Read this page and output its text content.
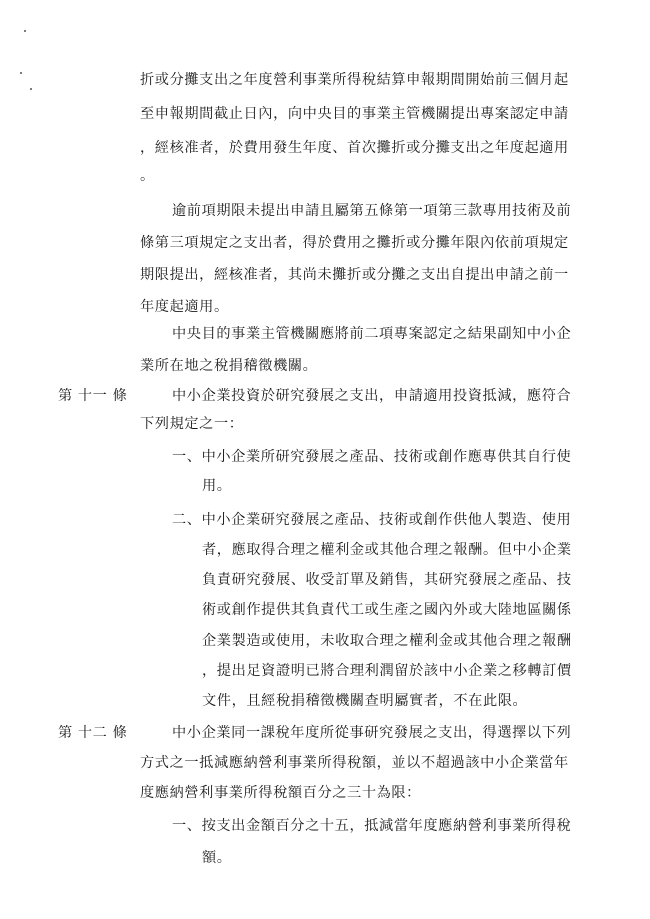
折或分攤支出之年度營利事業所得稅結算申報期間開始前三個月起
至申報期間截止日內，向中央目的事業主管機關提出專案認定申請
，經核准者，於費用發生年度、首次攤折或分攤支出之年度起適用
。
逾前項期限未提出申請且屬第五條第一項第三款專用技術及前
條第三項規定之支出者，得於費用之攤折或分攤年限內依前項規定
期限提出，經核准者，其尚未攤折或分攤之支出自提出申請之前一
年度起適用。
中央目的事業主管機關應將前二項專案認定之結果副知中小企
業所在地之稅捐稽徵機關。
第 十一 條	中小企業投資於研究發展之支出，申請適用投資抵減，應符合
下列規定之一：
一、中小企業所研究發展之產品、技術或創作應專供其自行使
用。
二、中小企業研究發展之產品、技術或創作供他人製造、使用
者，應取得合理之權利金或其他合理之報酬。但中小企業
負責研究發展、收受訂單及銷售，其研究發展之產品、技
術或創作提供其負責代工或生產之國內外或大陸地區關係
企業製造或使用，未收取合理之權利金或其他合理之報酬
，提出足資證明已將合理利潤留於該中小企業之移轉訂價
文件，且經稅捐稽徵機關查明屬實者，不在此限。
第 十二 條	中小企業同一課稅年度所從事研究發展之支出，得選擇以下列
方式之一抵減應納營利事業所得稅額，並以不超過該中小企業當年
度應納營利事業所得稅額百分之三十為限：
一、按支出金額百分之十五，抵減當年度應納營利事業所得稅
額。
